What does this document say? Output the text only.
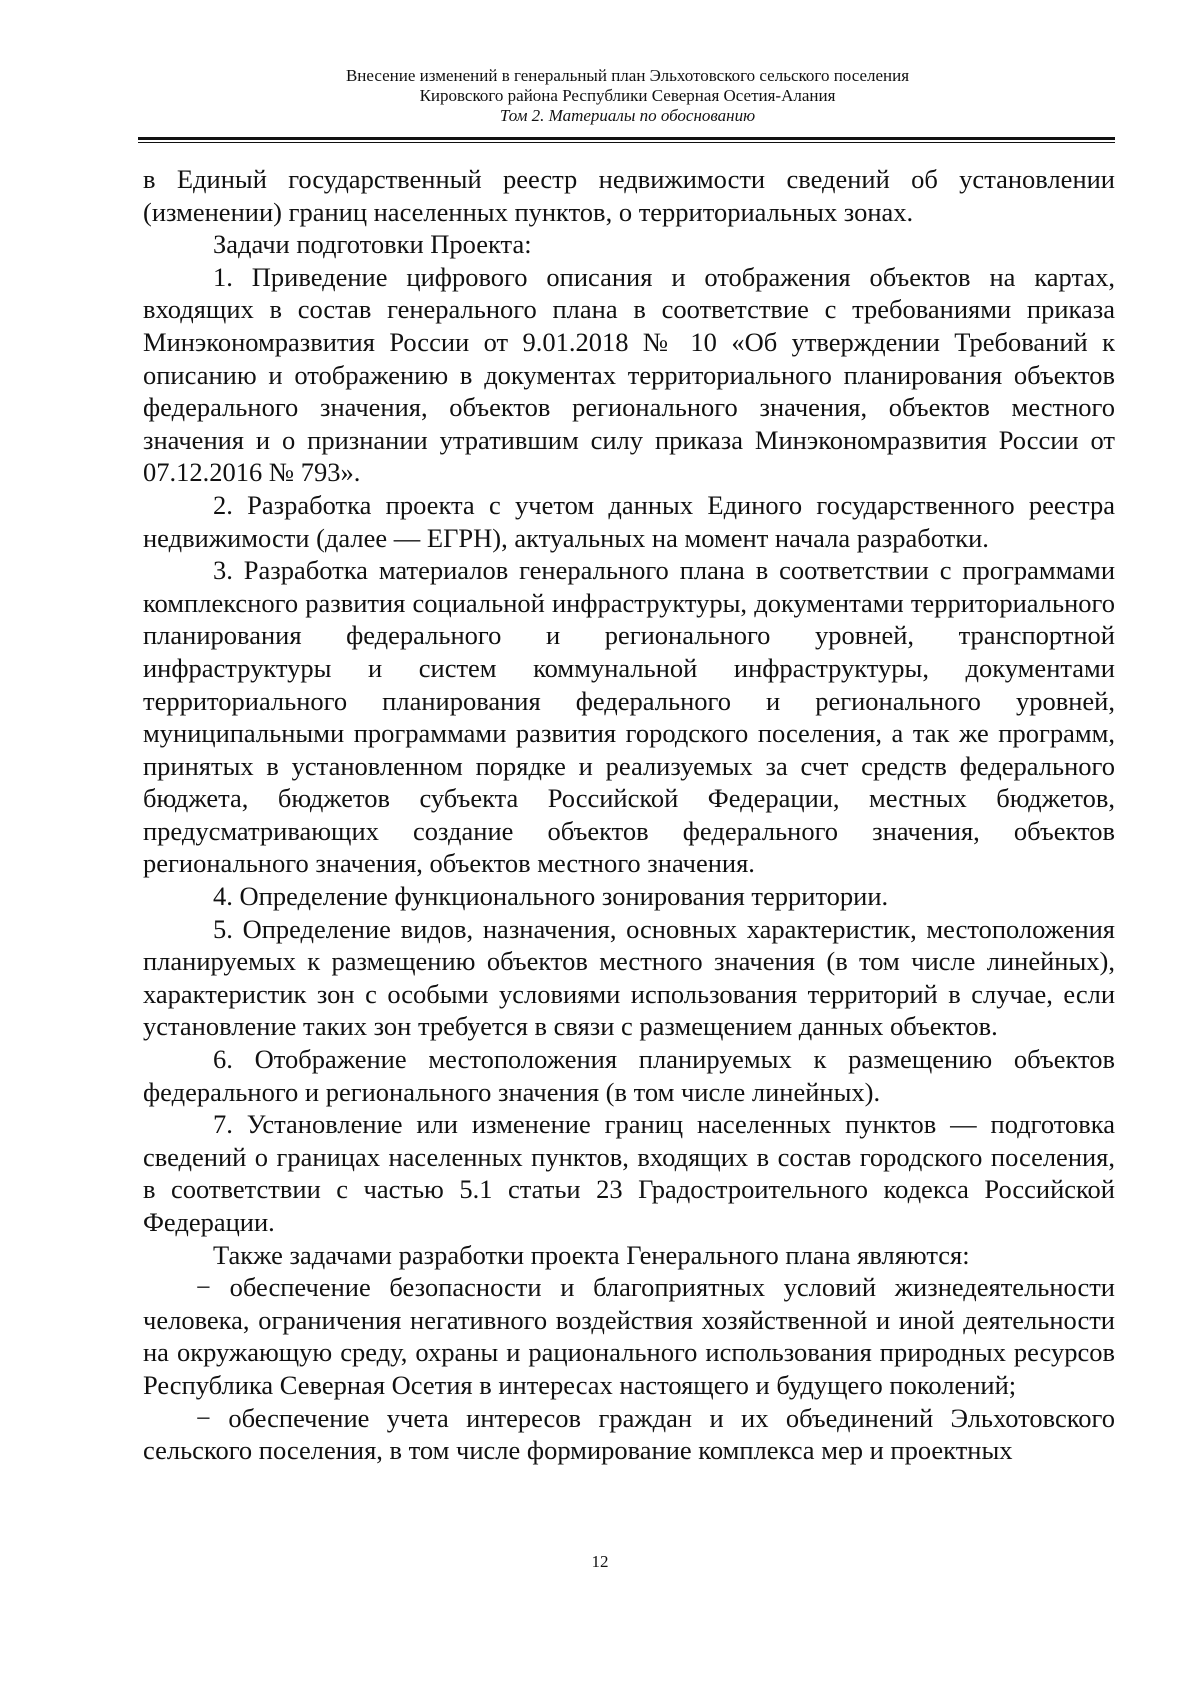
Внесение изменений в генеральный план Эльхотовского сельского поселения
Кировского района Республики Северная Осетия-Алания
Том 2. Материалы по обоснованию

в Единый государственный реестр недвижимости сведений об установлении (изменении) границ населенных пунктов, о территориальных зонах.

Задачи подготовки Проекта:

1. Приведение цифрового описания и отображения объектов на картах, входящих в состав генерального плана в соответствие с требованиями приказа Минэкономразвития России от 9.01.2018 № 10 «Об утверждении Требований к описанию и отображению в документах территориального планирования объектов федерального значения, объектов регионального значения, объектов местного значения и о признании утратившим силу приказа Минэкономразвития России от 07.12.2016 № 793».

2. Разработка проекта с учетом данных Единого государственного реестра недвижимости (далее — ЕГРН), актуальных на момент начала разработки.

3. Разработка материалов генерального плана в соответствии с программами комплексного развития социальной инфраструктуры, документами территориального планирования федерального и регионального уровней, транспортной инфраструктуры и систем коммунальной инфраструктуры, документами территориального планирования федерального и регионального уровней, муниципальными программами развития городского поселения, а так же программ, принятых в установленном порядке и реализуемых за счет средств федерального бюджета, бюджетов субъекта Российской Федерации, местных бюджетов, предусматривающих создание объектов федерального значения, объектов регионального значения, объектов местного значения.

4. Определение функционального зонирования территории.

5. Определение видов, назначения, основных характеристик, местоположения планируемых к размещению объектов местного значения (в том числе линейных), характеристик зон с особыми условиями использования территорий в случае, если установление таких зон требуется в связи с размещением данных объектов.

6. Отображение местоположения планируемых к размещению объектов федерального и регионального значения (в том числе линейных).

7. Установление или изменение границ населенных пунктов — подготовка сведений о границах населенных пунктов, входящих в состав городского поселения, в соответствии с частью 5.1 статьи 23 Градостроительного кодекса Российской Федерации.

Также задачами разработки проекта Генерального плана являются:

− обеспечение безопасности и благоприятных условий жизнедеятельности человека, ограничения негативного воздействия хозяйственной и иной деятельности на окружающую среду, охраны и рационального использования природных ресурсов Республика Северная Осетия в интересах настоящего и будущего поколений;

− обеспечение учета интересов граждан и их объединений Эльхотовского сельского поселения, в том числе формирование комплекса мер и проектных

12
